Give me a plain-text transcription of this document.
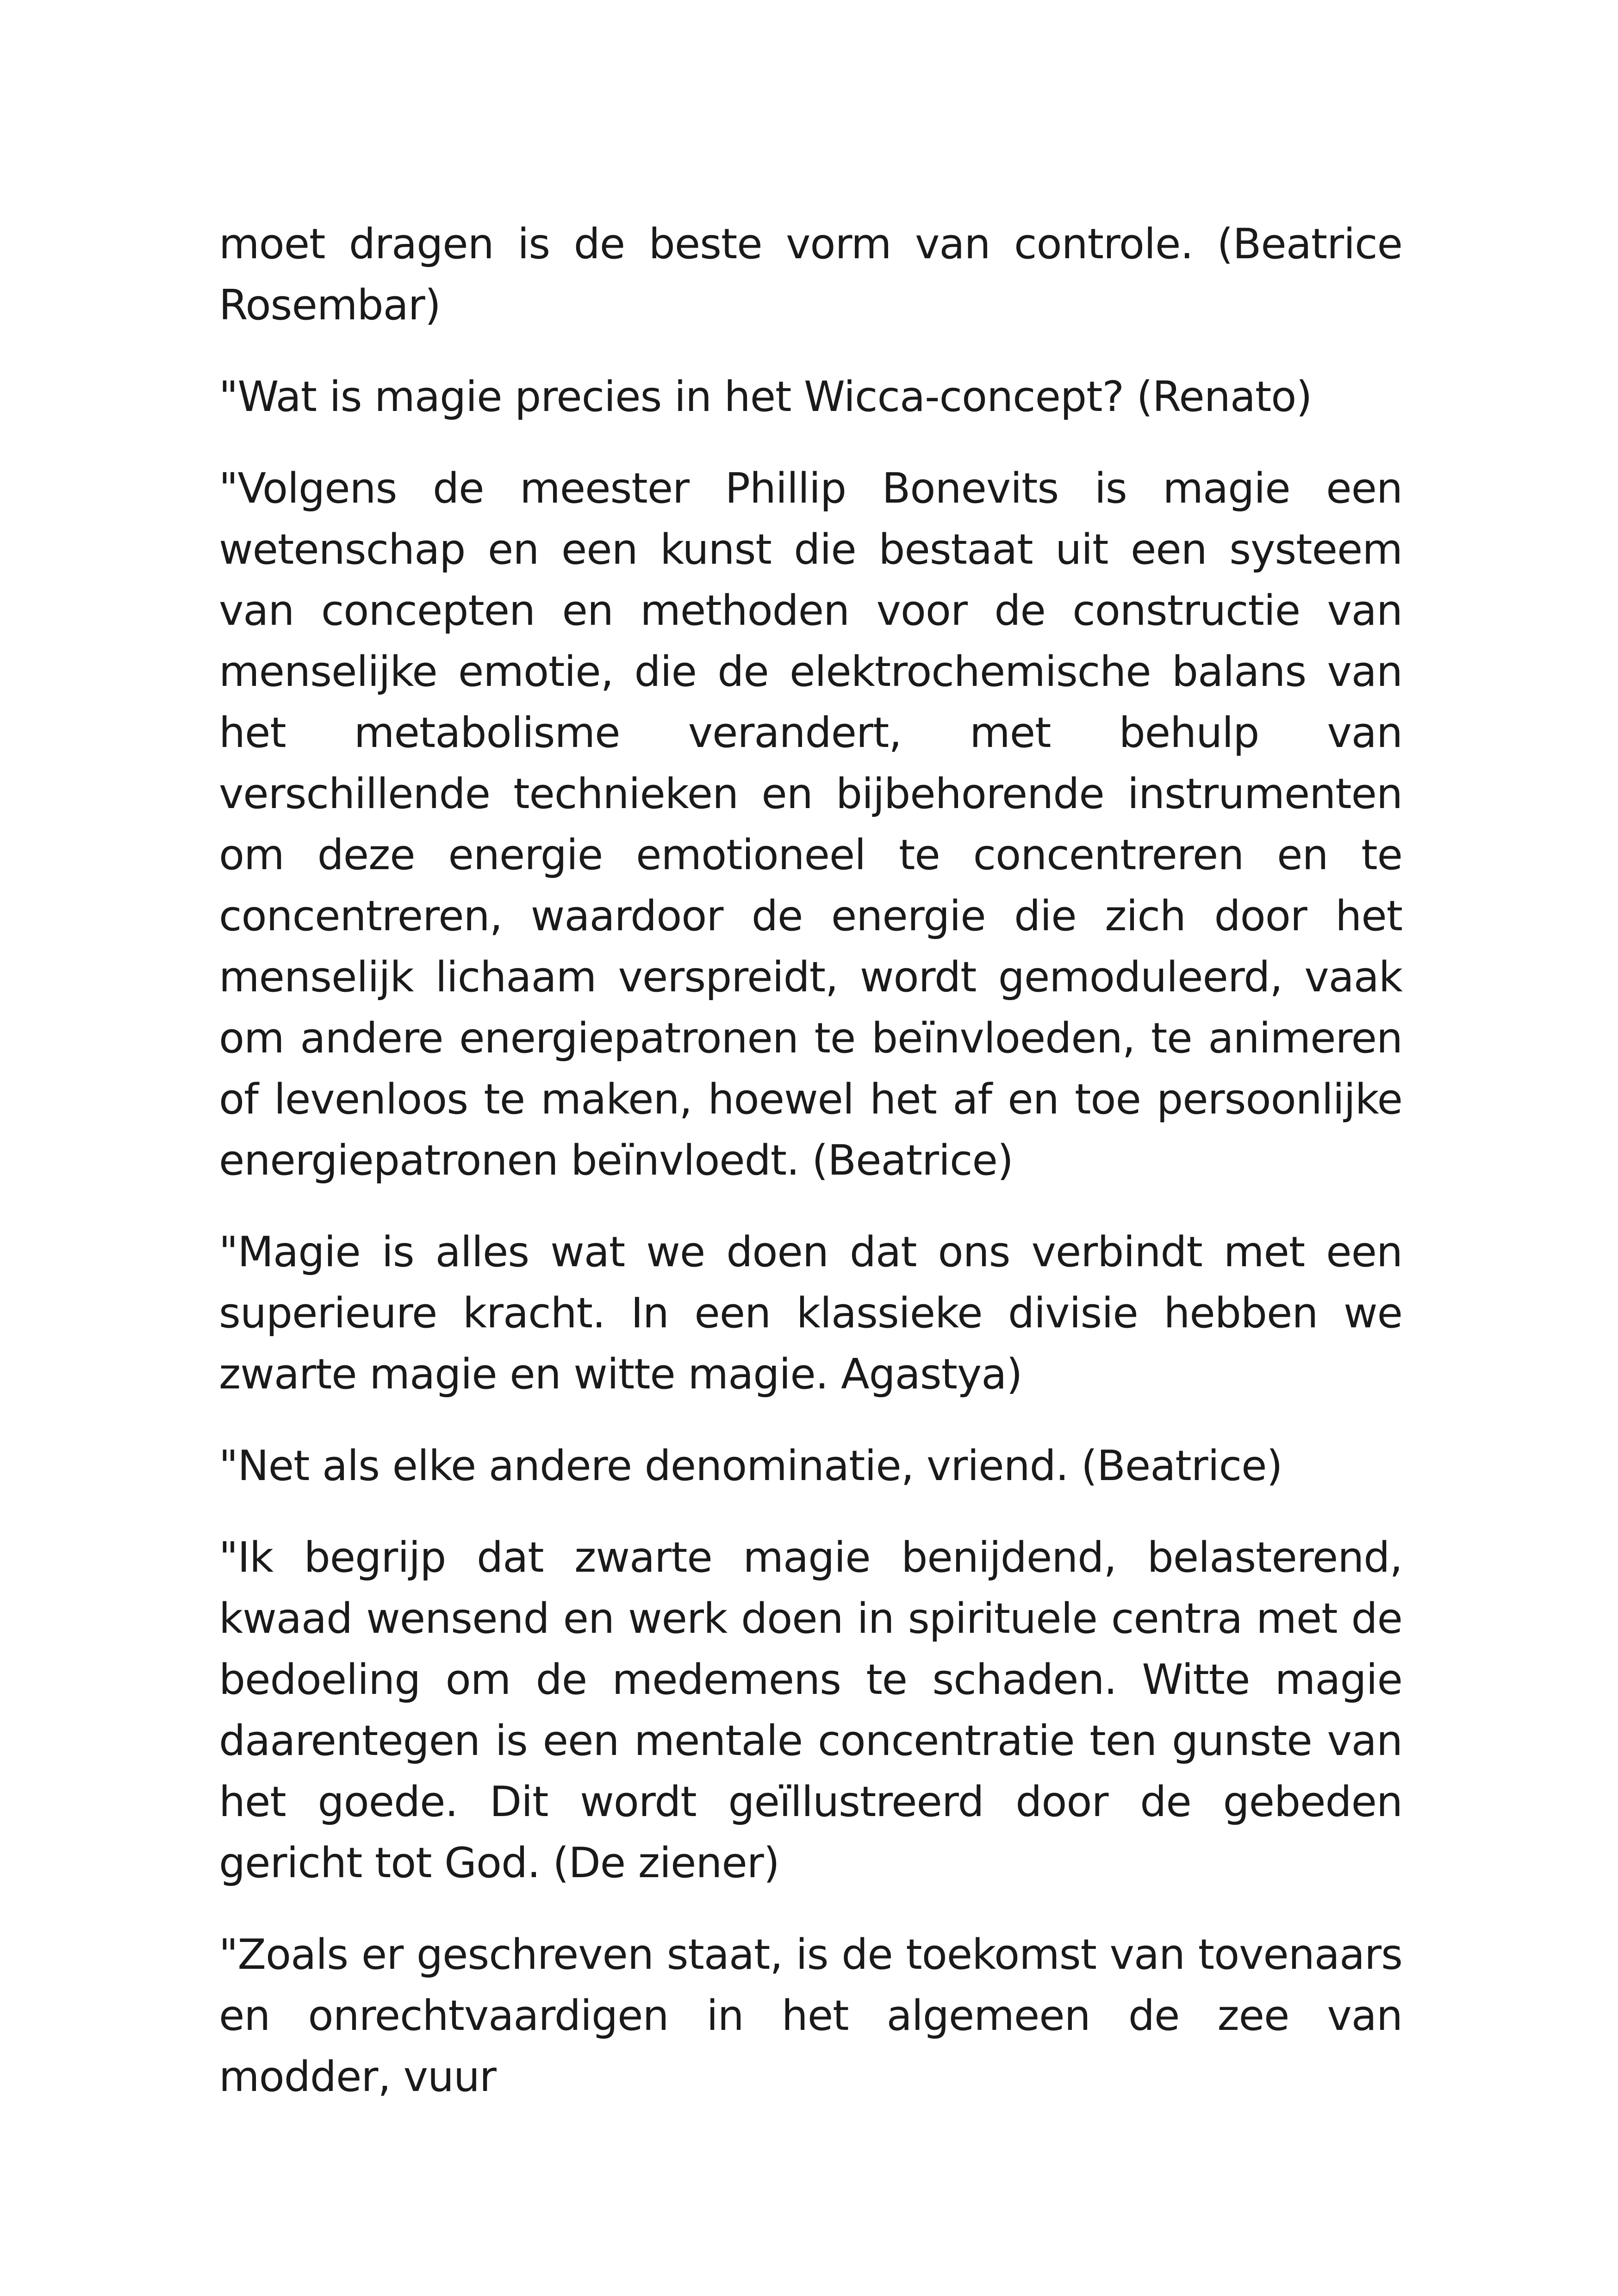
moet dragen is de beste vorm van controle. (Beatrice Rosembar)

"Wat is magie precies in het Wicca-concept? (Renato)

"Volgens de meester Phillip Bonevits is magie een wetenschap en een kunst die bestaat uit een systeem van concepten en methoden voor de constructie van menselijke emotie, die de elektrochemische balans van het metabolisme verandert, met behulp van verschillende technieken en bijbehorende instrumenten om deze energie emotioneel te concentreren en te concentreren, waardoor de energie die zich door het menselijk lichaam verspreidt, wordt gemoduleerd, vaak om andere energiepatronen te beïnvloeden, te animeren of levenloos te maken, hoewel het af en toe persoonlijke energiepatronen beïnvloedt. (Beatrice)

"Magie is alles wat we doen dat ons verbindt met een superieure kracht. In een klassieke divisie hebben we zwarte magie en witte magie. Agastya)

"Net als elke andere denominatie, vriend. (Beatrice)

"Ik begrijp dat zwarte magie benijdend, belasterend, kwaad wensend en werk doen in spirituele centra met de bedoeling om de medemens te schaden. Witte magie daarentegen is een mentale concentratie ten gunste van het goede. Dit wordt geïllustreerd door de gebeden gericht tot God. (De ziener)

"Zoals er geschreven staat, is de toekomst van tovenaars en onrechtvaardigen in het algemeen de zee van modder, vuur
